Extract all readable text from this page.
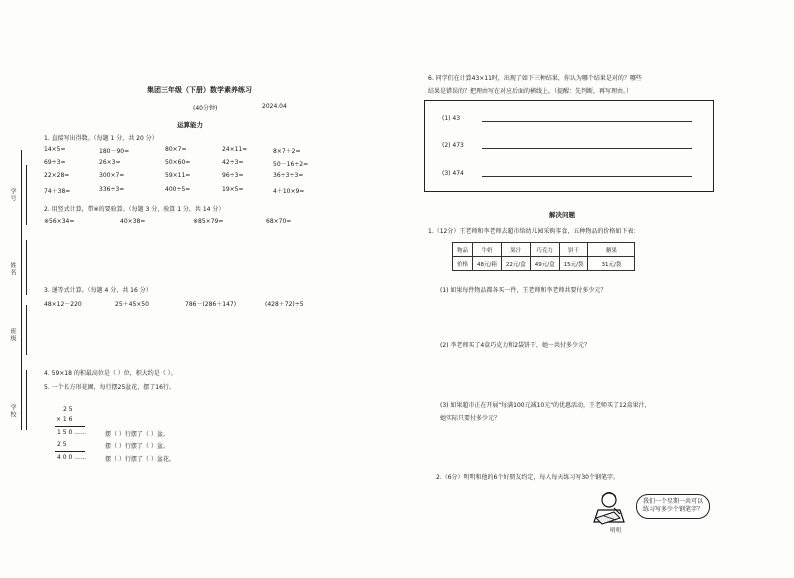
学号
姓名
班级
学校
集团三年级（下册）数学素养练习
(40分钟)	2024.04
运算能力
1. 直接写出得数。（每题 1 分，共 20 分）
14×5=	180－90=	80×7=	24×11=	8×7＋2=
69÷3=	26×3=	50×60=	42÷3=	50－16÷2=
22×28=	300×7=	59×11=	96÷3=	36÷3÷3=
74＋38=	336÷3=	400÷5=	19×5=	4＋10×9=
2. 用竖式计算，带※的要验算。（每题 3 分，验算 1 分，共 14 分）
※56×34=	40×38=	※85×79=	68×70=
3. 递等式计算。（每题 4 分，共 16 分）
48×12－220	25＋45×50	786－(286＋147)	(428＋72)÷5
4. 59×18 的积最高位是（ ）位，积大约是（ ）。
5. 一个长方形花圃，每行摆25盆花，摆了16行。
2 5
× 1 6
1 5 0 ……
2 5
4 0 0 ……
摆（ ）行摆了（ ）盆。
摆（ ）行摆了（ ）盆。
摆（ ）行摆了（ ）盆花。
6. 同学们在计算43×11时，出现了如下三种结果，你认为哪个结果是对的？哪些
结果是错误的？把理由写在对应后面的横线上。（提醒：先判断，再写理由。）
(1) 43
(2) 473
(3) 474
解决问题
1.（12分）王老师和李老师去超市给幼儿园采购零食，五种物品的价格如下表：
物品	牛奶	果汁	巧克力	饼干	糖果
价格	48元/箱	22元/盒	49元/盒	15元/袋	31元/袋
(1) 如果每件物品都各买一件，王老师和李老师共要付多少元？
(2) 李老师买了4盒巧克力和2袋饼干，她一共付多少元？
(3) 如果超市正在开展"每满100元减10元"的优惠活动，王老师买了12盒果汁，
她实际只要付多少元？
2.（6分）明明和他的6个好朋友约定，每人每天练习写30个钢笔字。
明明
我们一个星期一共可以
练习写多少个钢笔字？
